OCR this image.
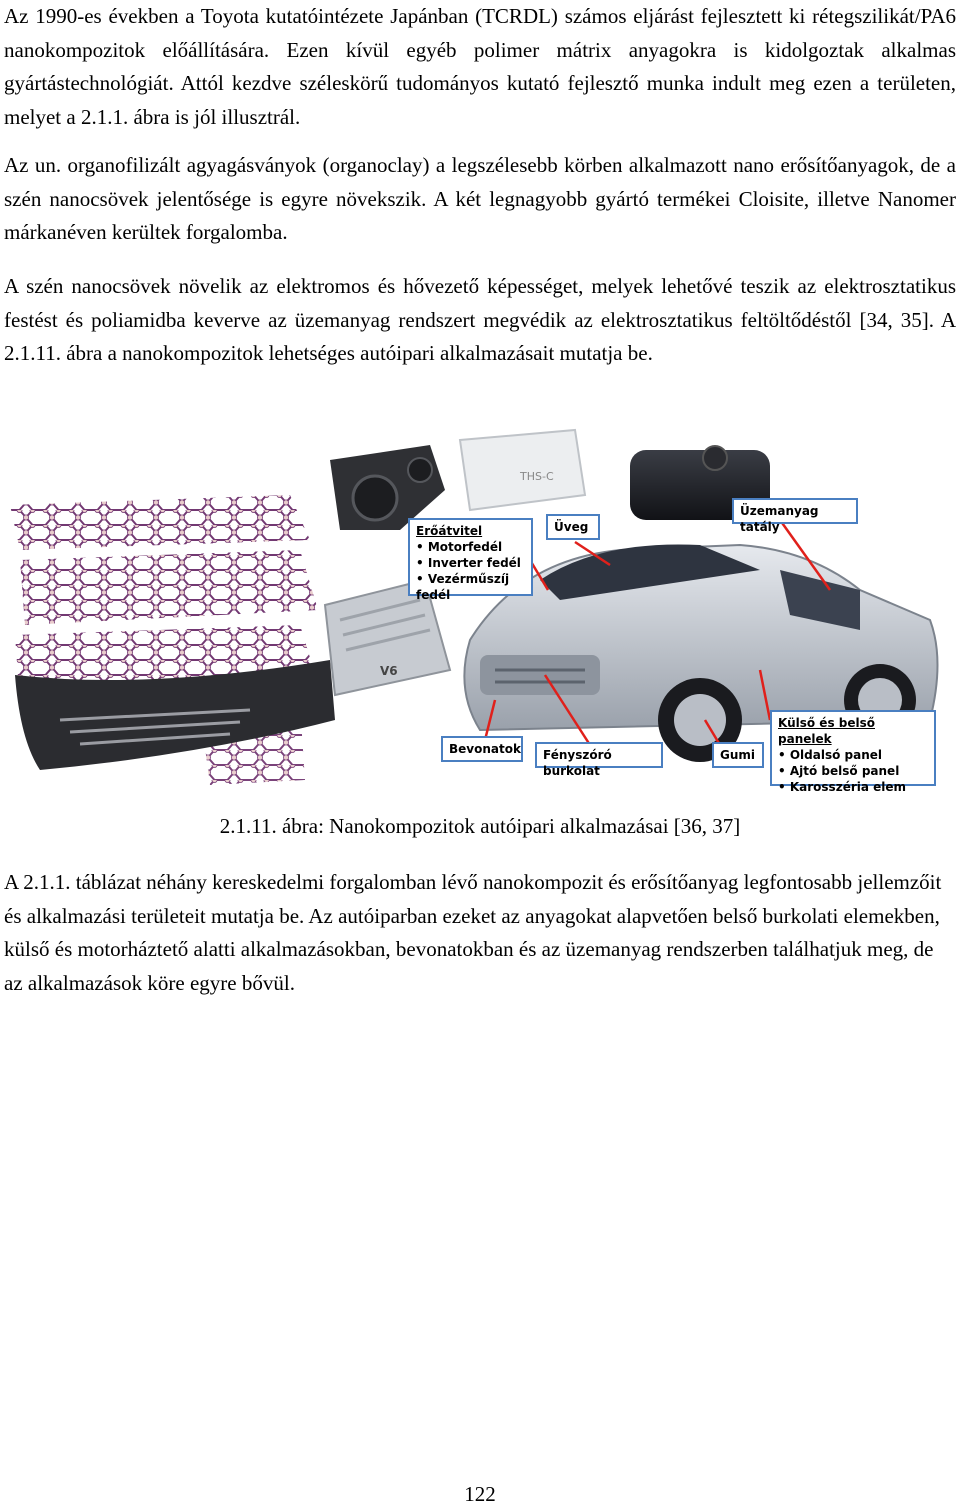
Az 1990-es években a Toyota kutatóintézete Japánban (TCRDL) számos eljárást fejlesztett ki rétegszilikát/PA6 nanokompozitok előállítására. Ezen kívül egyéb polimer mátrix anyagokra is kidolgoztak alkalmas gyártástechnológiát. Attól kezdve széleskörű tudományos kutató fejlesztő munka indult meg ezen a területen, melyet a 2.1.1. ábra is jól illusztrál.

Az un. organofilizált agyagásványok (organoclay) a legszélesebb körben alkalmazott nano erősítőanyagok, de a szén nanocsövek jelentősége is egyre növekszik. A két legnagyobb gyártó termékei Cloisite, illetve Nanomer márkanéven kerültek forgalomba.

A szén nanocsövek növelik az elektromos és hővezető képességet, melyek lehetővé teszik az elektrosztatikus festést és poliamidba keverve az üzemanyag rendszert megvédik az elektrosztatikus feltöltődéstől [34, 35]. A 2.1.11. ábra a nanokompozitok lehetséges autóipari alkalmazásait mutatja be.

THS-C
V6
Erőátvitel
• Motorfedél
• Inverter fedél
• Vezérműszíj fedél
Üveg
Üzemanyag tatály
Külső és belső panelek
• Oldalsó panel
• Ajtó belső panel
• Karosszéria elem
Bevonatok	Fényszóró burkolat
Gumi
2.1.11. ábra: Nanokompozitok autóipari alkalmazásai [36, 37]

A 2.1.1. táblázat néhány kereskedelmi forgalomban lévő nanokompozit és erősítőanyag legfontosabb jellemzőit és alkalmazási területeit mutatja be. Az autóiparban ezeket az anyagokat alapvetően belső burkolati elemekben, külső és motorháztető alatti alkalmazásokban, bevonatokban és az üzemanyag rendszerben találhatjuk meg, de az alkalmazások köre egyre bővül.

122
